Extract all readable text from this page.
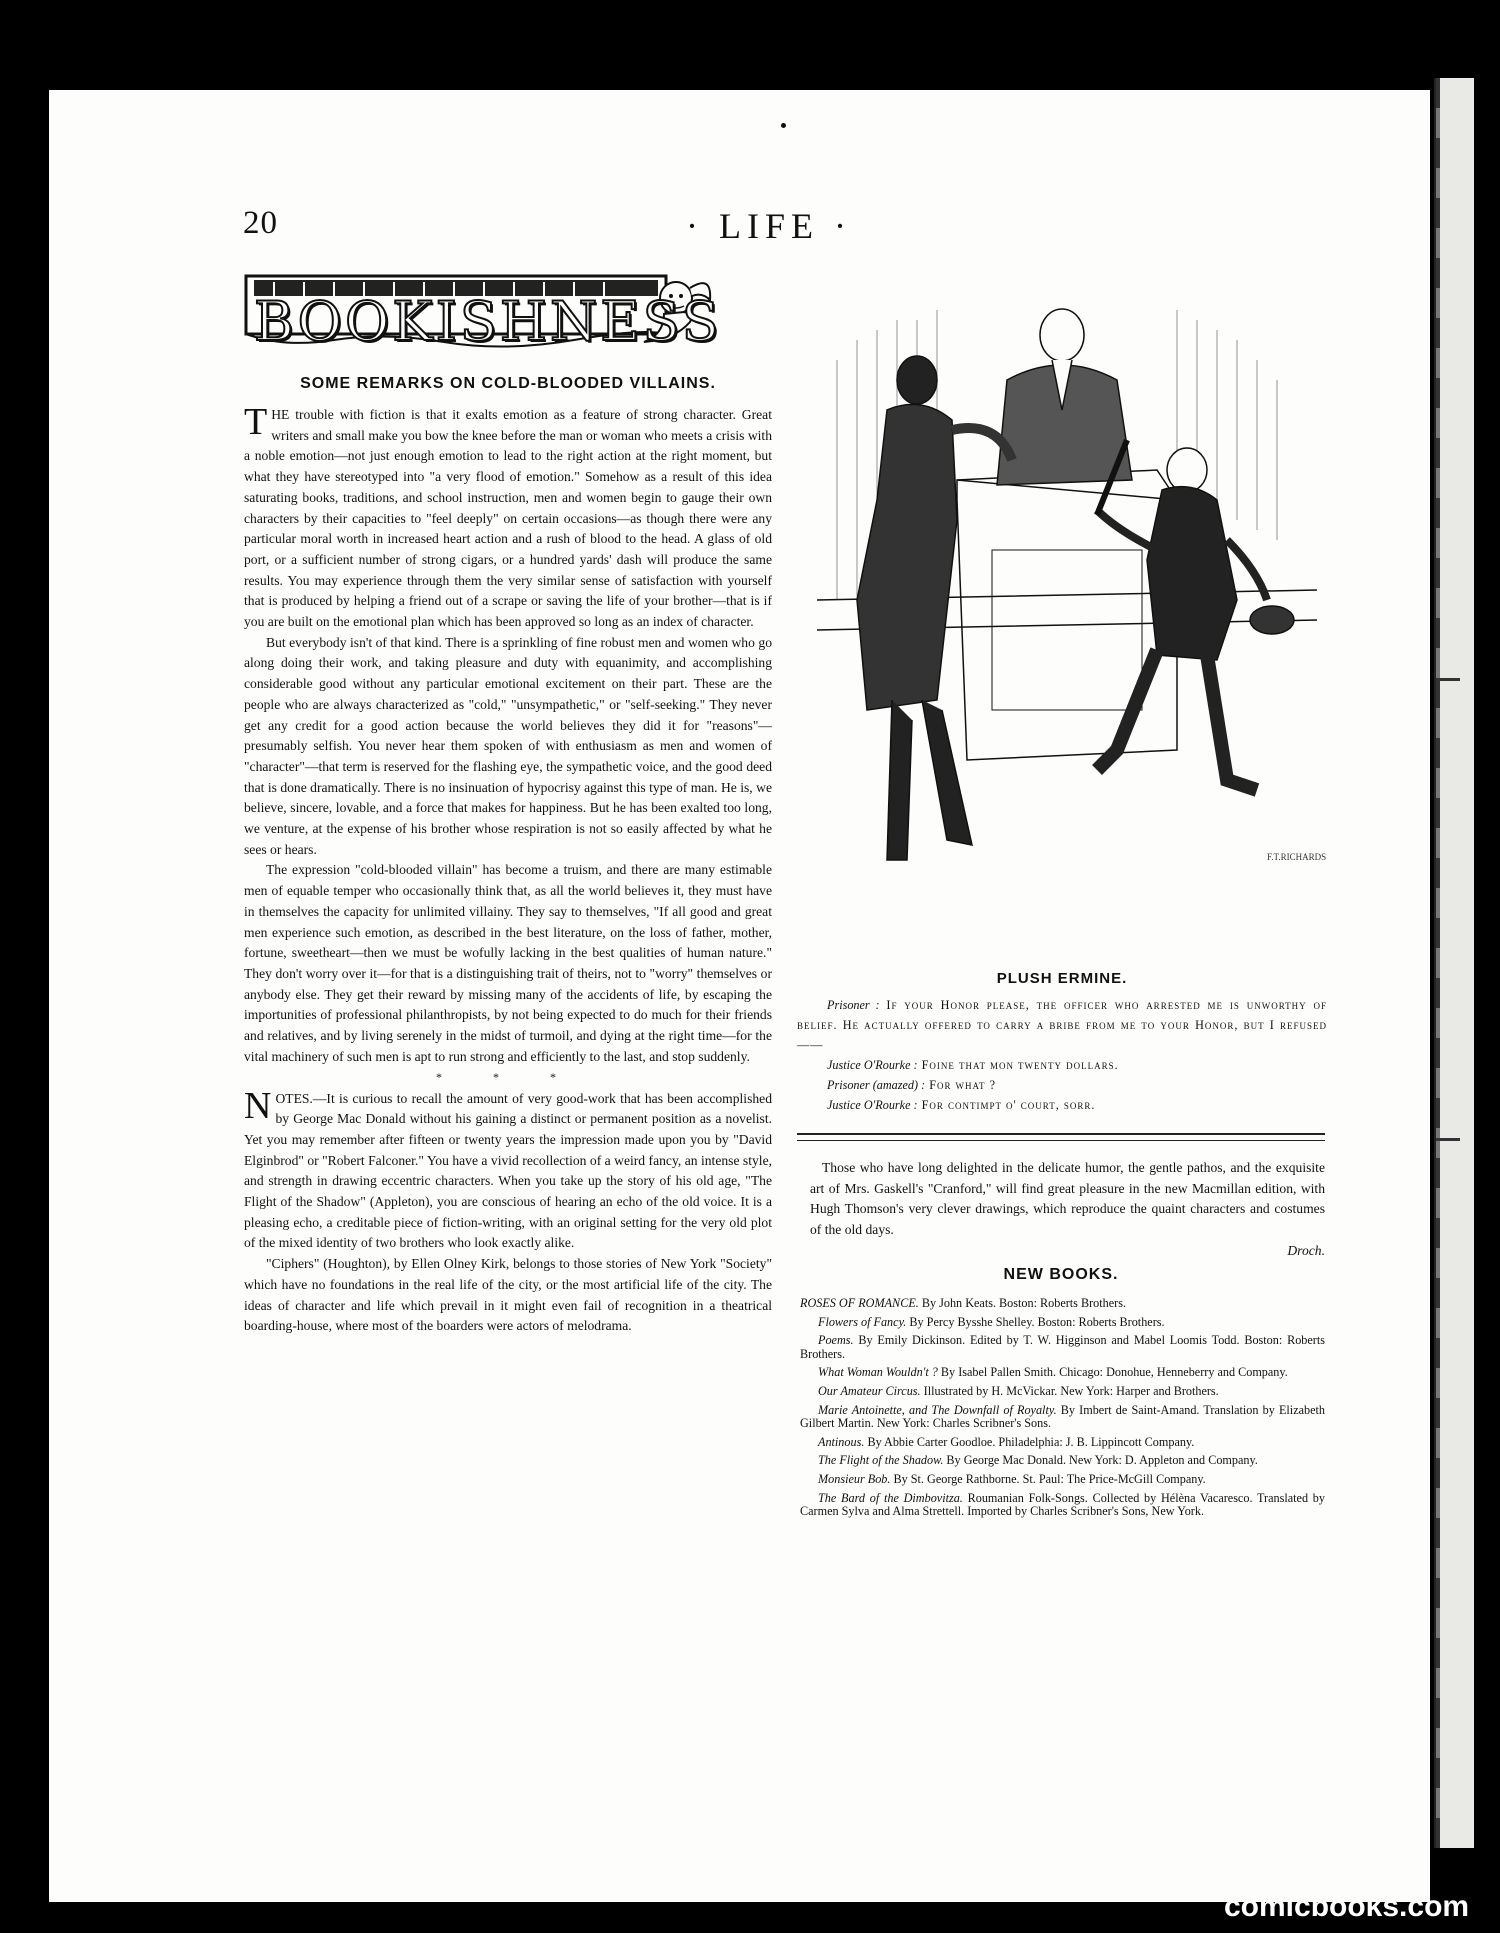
20	· LIFE ·
BOOKISHNESS

SOME REMARKS ON COLD-BLOODED VILLAINS.

THE trouble with fiction is that it exalts emotion as a feature of strong character. Great writers and small make you bow the knee before the man or woman who meets a crisis with a noble emotion—not just enough emotion to lead to the right action at the right moment, but what they have stereotyped into "a very flood of emotion." Somehow as a result of this idea saturating books, traditions, and school instruction, men and women begin to gauge their own characters by their capacities to "feel deeply" on certain occasions—as though there were any particular moral worth in increased heart action and a rush of blood to the head. A glass of old port, or a sufficient number of strong cigars, or a hundred yards' dash will produce the same results. You may experience through them the very similar sense of satisfaction with yourself that is produced by helping a friend out of a scrape or saving the life of your brother—that is if you are built on the emotional plan which has been approved so long as an index of character.

But everybody isn't of that kind. There is a sprinkling of fine robust men and women who go along doing their work, and taking pleasure and duty with equanimity, and accomplishing considerable good without any particular emotional excitement on their part. These are the people who are always characterized as "cold," "unsympathetic," or "self-seeking." They never get any credit for a good action because the world believes they did it for "reasons"—presumably selfish. You never hear them spoken of with enthusiasm as men and women of "character"—that term is reserved for the flashing eye, the sympathetic voice, and the good deed that is done dramatically. There is no insinuation of hypocrisy against this type of man. He is, we believe, sincere, lovable, and a force that makes for happiness. But he has been exalted too long, we venture, at the expense of his brother whose respiration is not so easily affected by what he sees or hears.

The expression "cold-blooded villain" has become a truism, and there are many estimable men of equable temper who occasionally think that, as all the world believes it, they must have in themselves the capacity for unlimited villainy. They say to themselves, "If all good and great men experience such emotion, as described in the best literature, on the loss of father, mother, fortune, sweetheart—then we must be wofully lacking in the best qualities of human nature." They don't worry over it—for that is a distinguishing trait of theirs, not to "worry" themselves or anybody else. They get their reward by missing many of the accidents of life, by escaping the importunities of professional philanthropists, by not being expected to do much for their friends and relatives, and by living serenely in the midst of turmoil, and dying at the right time—for the vital machinery of such men is apt to run strong and efficiently to the last, and stop suddenly.

* * *

NOTES.—It is curious to recall the amount of very good-work that has been accomplished by George Mac Donald without his gaining a distinct or permanent position as a novelist. Yet you may remember after fifteen or twenty years the impression made upon you by "David Elginbrod" or "Robert Falconer." You have a vivid recollection of a weird fancy, an intense style, and strength in drawing eccentric characters. When you take up the story of his old age, "The Flight of the Shadow" (Appleton), you are conscious of hearing an echo of the old voice. It is a pleasing echo, a creditable piece of fiction-writing, with an original setting for the very old plot of the mixed identity of two brothers who look exactly alike.

"Ciphers" (Houghton), by Ellen Olney Kirk, belongs to those stories of New York "Society" which have no foundations in the real life of the city, or the most artificial life of the city. The ideas of character and life which prevail in it might even fail of recognition in a theatrical boarding-house, where most of the boarders were actors of melodrama.

F.T.RICHARDS

PLUSH ERMINE.

Prisoner : If your Honor please, the officer who arrested me is unworthy of belief. He actually offered to carry a bribe from me to your Honor, but I refused——

Justice O'Rourke : Foine that mon twenty dollars.

Prisoner (amazed) : For what ?

Justice O'Rourke : For contimpt o' court, sorr.

Those who have long delighted in the delicate humor, the gentle pathos, and the exquisite art of Mrs. Gaskell's "Cranford," will find great pleasure in the new Macmillan edition, with Hugh Thomson's very clever drawings, which reproduce the quaint characters and costumes of the old days.

Droch.

NEW BOOKS.

ROSES OF ROMANCE. By John Keats. Boston: Roberts Brothers.

Flowers of Fancy. By Percy Bysshe Shelley. Boston: Roberts Brothers.

Poems. By Emily Dickinson. Edited by T. W. Higginson and Mabel Loomis Todd. Boston: Roberts Brothers.

What Woman Wouldn't ? By Isabel Pallen Smith. Chicago: Donohue, Henneberry and Company.

Our Amateur Circus. Illustrated by H. McVickar. New York: Harper and Brothers.

Marie Antoinette, and The Downfall of Royalty. By Imbert de Saint-Amand. Translation by Elizabeth Gilbert Martin. New York: Charles Scribner's Sons.

Antinous. By Abbie Carter Goodloe. Philadelphia: J. B. Lippincott Company.

The Flight of the Shadow. By George Mac Donald. New York: D. Appleton and Company.

Monsieur Bob. By St. George Rathborne. St. Paul: The Price-McGill Company.

The Bard of the Dimbovitza. Roumanian Folk-Songs. Collected by Hélèna Vacaresco. Translated by Carmen Sylva and Alma Strettell. Imported by Charles Scribner's Sons, New York.

comicbooks.com
